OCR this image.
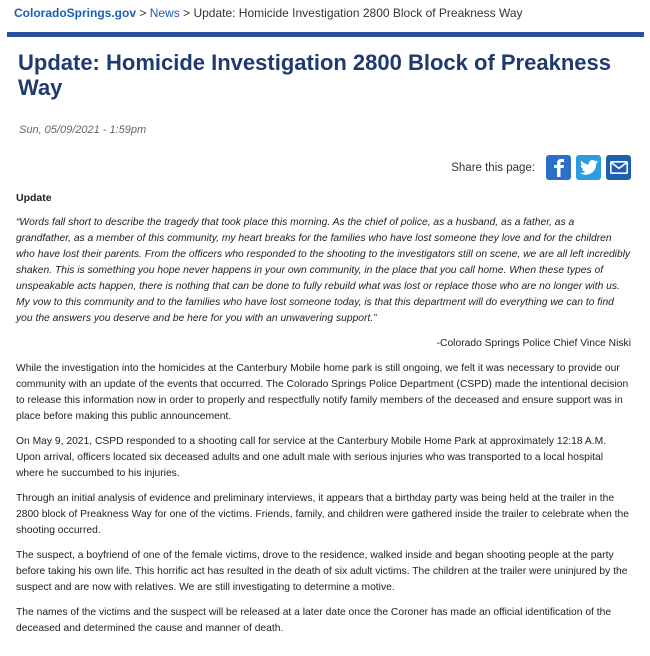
ColoradoSprings.gov > News > Update: Homicide Investigation 2800 Block of Preakness Way
Update: Homicide Investigation 2800 Block of Preakness Way
Sun, 05/09/2021 - 1:59pm
Share this page:

Update

“Words fall short to describe the tragedy that took place this morning. As the chief of police, as a husband, as a father, as a grandfather, as a member of this community, my heart breaks for the families who have lost someone they love and for the children who have lost their parents. From the officers who responded to the shooting to the investigators still on scene, we are all left incredibly shaken. This is something you hope never happens in your own community, in the place that you call home. When these types of unspeakable acts happen, there is nothing that can be done to fully rebuild what was lost or replace those who are no longer with us. My vow to this community and to the families who have lost someone today, is that this department will do everything we can to find you the answers you deserve and be here for you with an unwavering support.”

-Colorado Springs Police Chief Vince Niski

While the investigation into the homicides at the Canterbury Mobile home park is still ongoing, we felt it was necessary to provide our community with an update of the events that occurred. The Colorado Springs Police Department (CSPD) made the intentional decision to release this information now in order to properly and respectfully notify family members of the deceased and ensure support was in place before making this public announcement.

On May 9, 2021, CSPD responded to a shooting call for service at the Canterbury Mobile Home Park at approximately 12:18 A.M. Upon arrival, officers located six deceased adults and one adult male with serious injuries who was transported to a local hospital where he succumbed to his injuries.

Through an initial analysis of evidence and preliminary interviews, it appears that a birthday party was being held at the trailer in the 2800 block of Preakness Way for one of the victims. Friends, family, and children were gathered inside the trailer to celebrate when the shooting occurred.

The suspect, a boyfriend of one of the female victims, drove to the residence, walked inside and began shooting people at the party before taking his own life. This horrific act has resulted in the death of six adult victims. The children at the trailer were uninjured by the suspect and are now with relatives. We are still investigating to determine a motive.

The names of the victims and the suspect will be released at a later date once the Coroner has made an official identification of the deceased and determined the cause and manner of death.
